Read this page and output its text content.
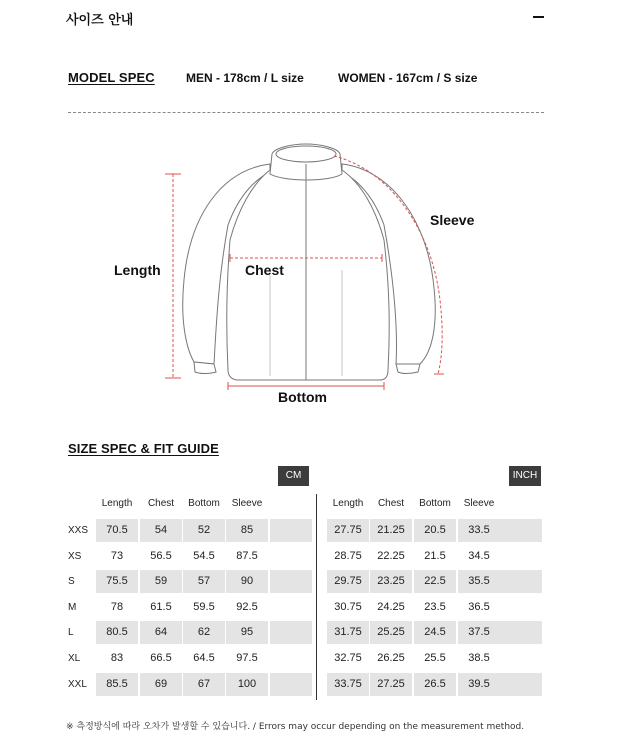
사이즈 안내
MODEL SPEC	MEN - 178cm / L size	WOMEN - 167cm / S size
Length	Chest
Sleeve
Bottom
SIZE SPEC & FIT GUIDE
CM	INCH
Length	Chest	Bottom	Sleeve
XXS	70.5	54	52	85
XS	73	56.5	54.5	87.5
S	75.5	59	57	90
M	78	61.5	59.5	92.5
L	80.5	64	62	95
XL	83	66.5	64.5	97.5
XXL	85.5	69	67	100
Length	Chest	Bottom	Sleeve
27.75	21.25	20.5	33.5
28.75	22.25	21.5	34.5
29.75	23.25	22.5	35.5
30.75	24.25	23.5	36.5
31.75	25.25	24.5	37.5
32.75	26.25	25.5	38.5
33.75	27.25	26.5	39.5
※ 측정방식에 따라 오차가 발생할 수 있습니다. / Errors may occur depending on the measurement method.
